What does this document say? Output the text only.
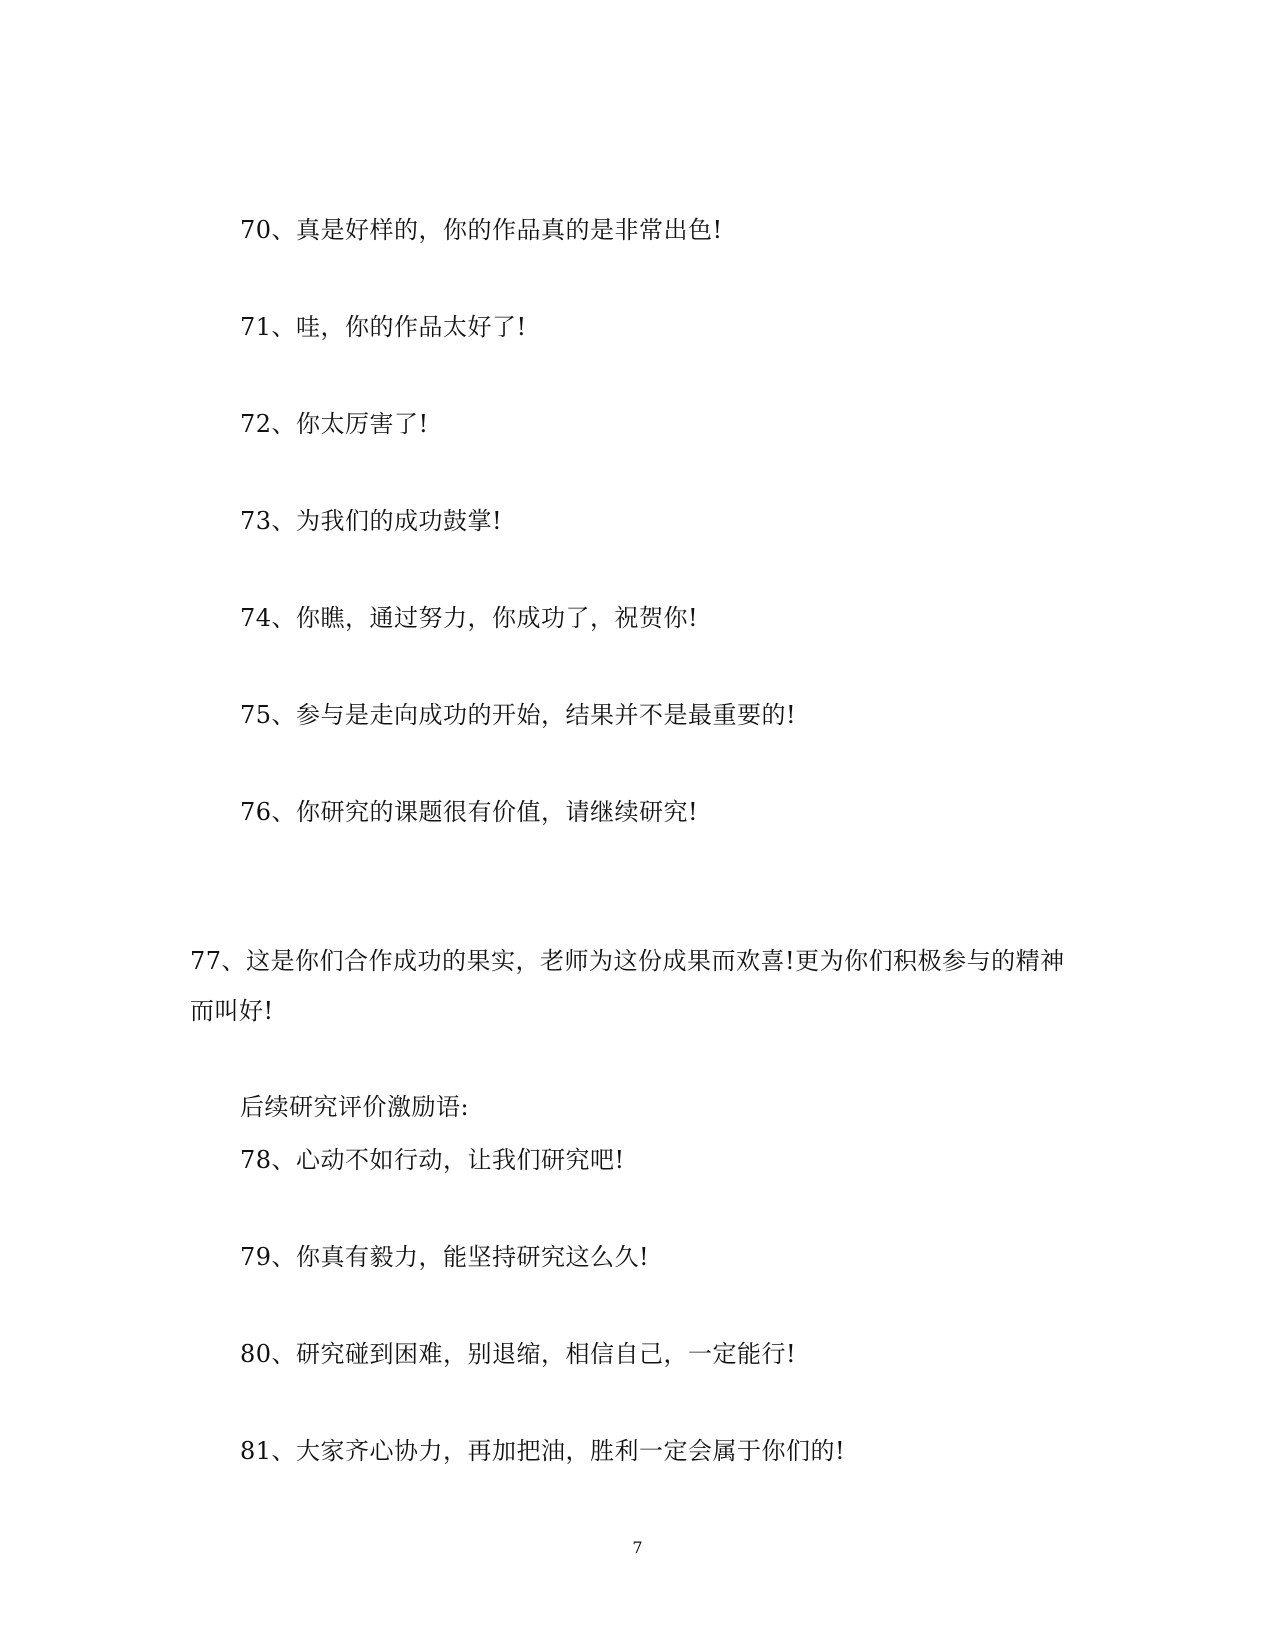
70、真是好样的，你的作品真的是非常出色!
71、哇，你的作品太好了!
72、你太厉害了!
73、为我们的成功鼓掌!
74、你瞧，通过努力，你成功了，祝贺你!
75、参与是走向成功的开始，结果并不是最重要的!
76、你研究的课题很有价值，请继续研究!
77、这是你们合作成功的果实，老师为这份成果而欢喜!更为你们积极参与的精神
而叫好!
后续研究评价激励语:
78、心动不如行动，让我们研究吧!
79、你真有毅力，能坚持研究这么久!
80、研究碰到困难，别退缩，相信自己，一定能行!
81、大家齐心协力，再加把油，胜利一定会属于你们的!
7
